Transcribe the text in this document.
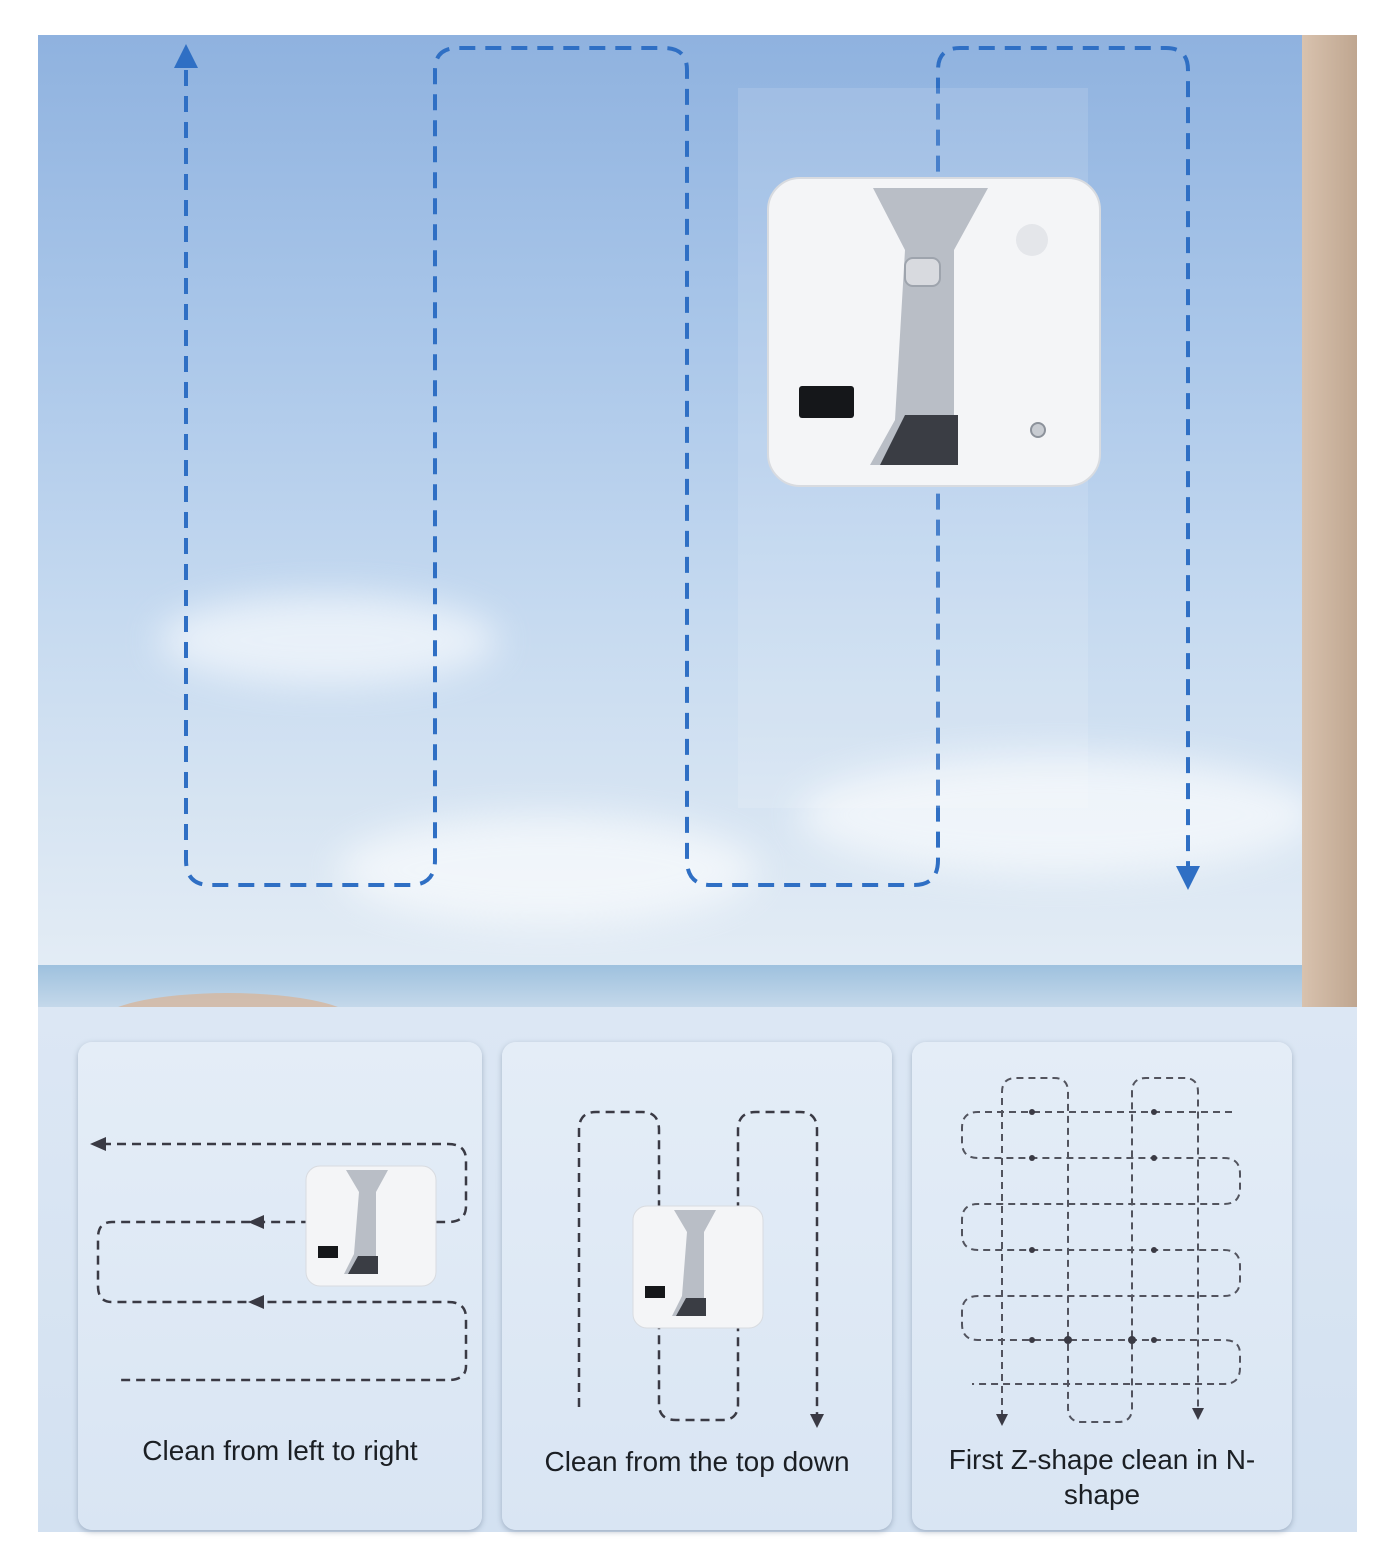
Clean from left to right	Clean from the top down	First Z-shape clean in N-shape
